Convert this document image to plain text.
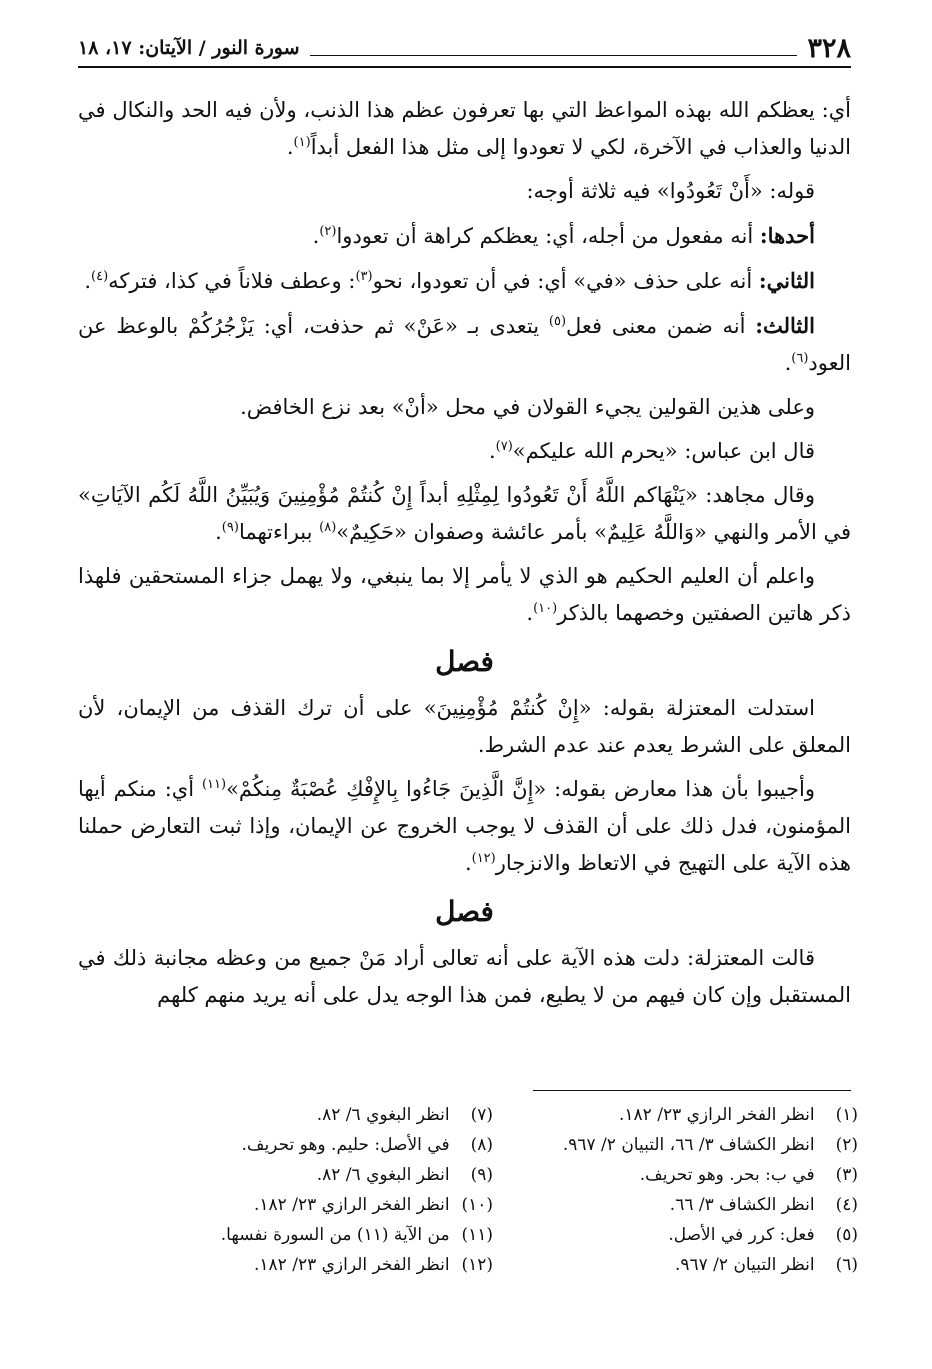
٣٢٨
سورة النور / الآيتان: ١٧، ١٨

أي: يعظكم الله بهذه المواعظ التي بها تعرفون عظم هذا الذنب، ولأن فيه الحد والنكال في الدنيا والعذاب في الآخرة، لكي لا تعودوا إلى مثل هذا الفعل أبداً$^{(١)}$.

قوله: «أَنْ تَعُودُوا» فيه ثلاثة أوجه:

أحدها: أنه مفعول من أجله، أي: يعظكم كراهة أن تعودوا$^{(٢)}$.

الثاني: أنه على حذف «في» أي: في أن تعودوا، نحو$^{(٣)}$: وعطف فلاناً في كذا، فتركه$^{(٤)}$.

الثالث: أنه ضمن معنى فعل$^{(٥)}$ يتعدى بـ «عَنْ» ثم حذفت، أي: يَزْجُرُكُمْ بالوعظ عن العود$^{(٦)}$.

وعلى هذين القولين يجيء القولان في محل «أنْ» بعد نزع الخافض.

قال ابن عباس: «يحرم الله عليكم»$^{(٧)}$.

وقال مجاهد: «يَنْهَاكم اللَّهُ أَنْ تَعُودُوا لِمِثْلِهِ أبداً إِنْ كُنتُمْ مُؤْمِنِينَ وَيُبَيِّنُ اللَّهُ لَكُم الآيَاتِ» في الأمر والنهي «وَاللَّهُ عَلِيمٌ» بأمر عائشة وصفوان «حَكِيمٌ»$^{(٨)}$ ببراءتهما$^{(٩)}$.

واعلم أن العليم الحكيم هو الذي لا يأمر إلا بما ينبغي، ولا يهمل جزاء المستحقين فلهذا ذكر هاتين الصفتين وخصهما بالذكر$^{(١٠)}$.

فصل

استدلت المعتزلة بقوله: «إِنْ كُنتُمْ مُؤْمِنِينَ» على أن ترك القذف من الإيمان، لأن المعلق على الشرط يعدم عند عدم الشرط.

وأجيبوا بأن هذا معارض بقوله: «إِنَّ الَّذِينَ جَاءُوا بِالإِفْكِ عُصْبَةٌ مِنكُمْ»$^{(١١)}$ أي: منكم أيها المؤمنون، فدل ذلك على أن القذف لا يوجب الخروج عن الإيمان، وإذا ثبت التعارض حملنا هذه الآية على التهيج في الاتعاظ والانزجار$^{(١٢)}$.

فصل

قالت المعتزلة: دلت هذه الآية على أنه تعالى أراد مَنْ جميع من وعظه مجانبة ذلك في المستقبل وإن كان فيهم من لا يطيع، فمن هذا الوجه يدل على أنه يريد منهم كلهم

(١) انظر الفخر الرازي ٢٣/ ١٨٢.
(٢) انظر الكشاف ٣/ ٦٦، التبيان ٢/ ٩٦٧.
(٣) في ب: بحر. وهو تحريف.
(٤) انظر الكشاف ٣/ ٦٦.
(٥) فعل: كرر في الأصل.
(٦) انظر التبيان ٢/ ٩٦٧.
(٧) انظر البغوي ٦/ ٨٢.
(٨) في الأصل: حليم. وهو تحريف.
(٩) انظر البغوي ٦/ ٨٢.
(١٠) انظر الفخر الرازي ٢٣/ ١٨٢.
(١١) من الآية (١١) من السورة نفسها.
(١٢) انظر الفخر الرازي ٢٣/ ١٨٢.
